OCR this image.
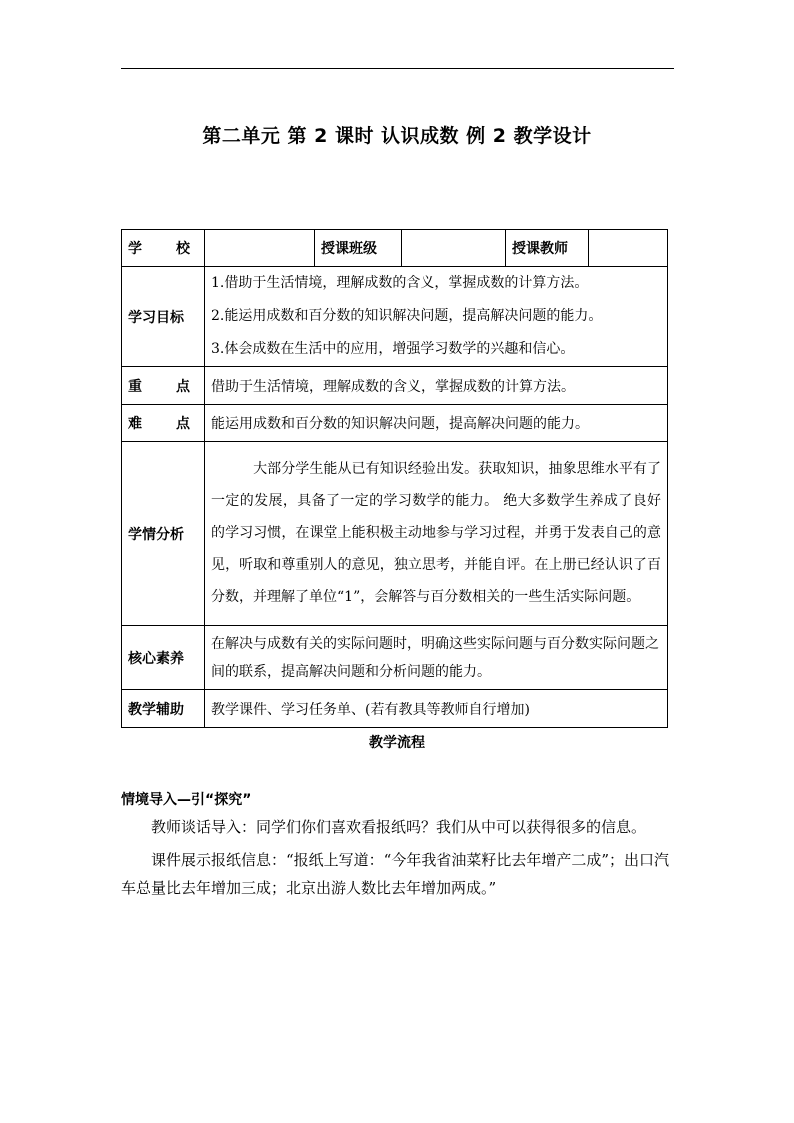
第二单元 第 2 课时 认识成数 例 2 教学设计
学 校		授课班级		授课教师	
学习目标	1.借助于生活情境，理解成数的含义，掌握成数的计算方法。
2.能运用成数和百分数的知识解决问题，提高解决问题的能力。
3.体会成数在生活中的应用，增强学习数学的兴趣和信心。				

重 点	借助于生活情境，理解成数的含义，掌握成数的计算方法。				

难 点	能运用成数和百分数的知识解决问题，提高解决问题的能力。				
学情分析	大部分学生能从已有知识经验出发。获取知识，抽象思维水平有了一定的发展，具备了一定的学习数学的能力。 绝大多数学生养成了良好的学习习惯，在课堂上能积极主动地参与学习过程，并勇于发表自己的意见，听取和尊重别人的意见，独立思考，并能自评。在上册已经认识了百分数，并理解了单位“1”，会解答与百分数相关的一些生活实际问题。				

核心素养	在解决与成数有关的实际问题时，明确这些实际问题与百分数实际问题之间的联系，提高解决问题和分析问题的能力。				

教学辅助	教学课件、学习任务单、(若有教具等教师自行增加)				
教学流程
情境导入—引“探究”
教师谈话导入：同学们你们喜欢看报纸吗？我们从中可以获得很多的信息。
课件展示报纸信息：“报纸上写道：“今年我省油菜籽比去年增产二成”；出口汽车总量比去年增加三成；北京出游人数比去年增加两成。”
